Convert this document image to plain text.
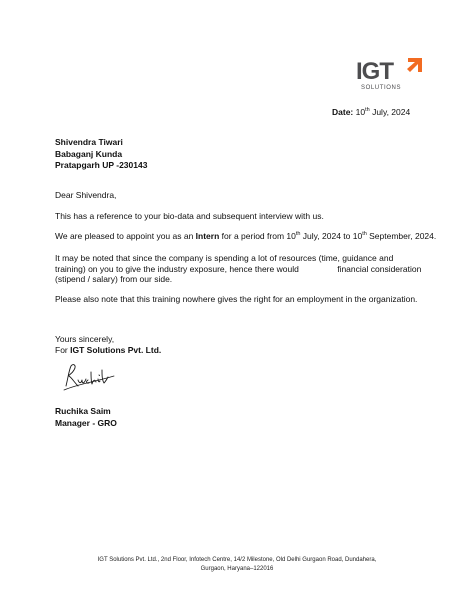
IGT
SOLUTIONS
Date: 10th July, 2024
Shivendra Tiwari
Babaganj Kunda
Pratapgarh UP -230143
Dear Shivendra,
This has a reference to your bio-data and subsequent interview with us.
We are pleased to appoint you as an Intern for a period from 10th July, 2024 to 10th September, 2024.
It may be noted that since the company is spending a lot of resources (time, guidance and training) on you to give the industry exposure, hence there would	financial consideration (stipend / salary) from our side.
Please also note that this training nowhere gives the right for an employment in the organization.
Yours sincerely,
For IGT Solutions Pvt. Ltd.
Ruchika Saim
Manager - GRO
IGT Solutions Pvt. Ltd., 2nd Floor, Infotech Centre, 14/2 Milestone, Old Delhi Gurgaon Road, Dundahera,
Gurgaon, Haryana–122016
